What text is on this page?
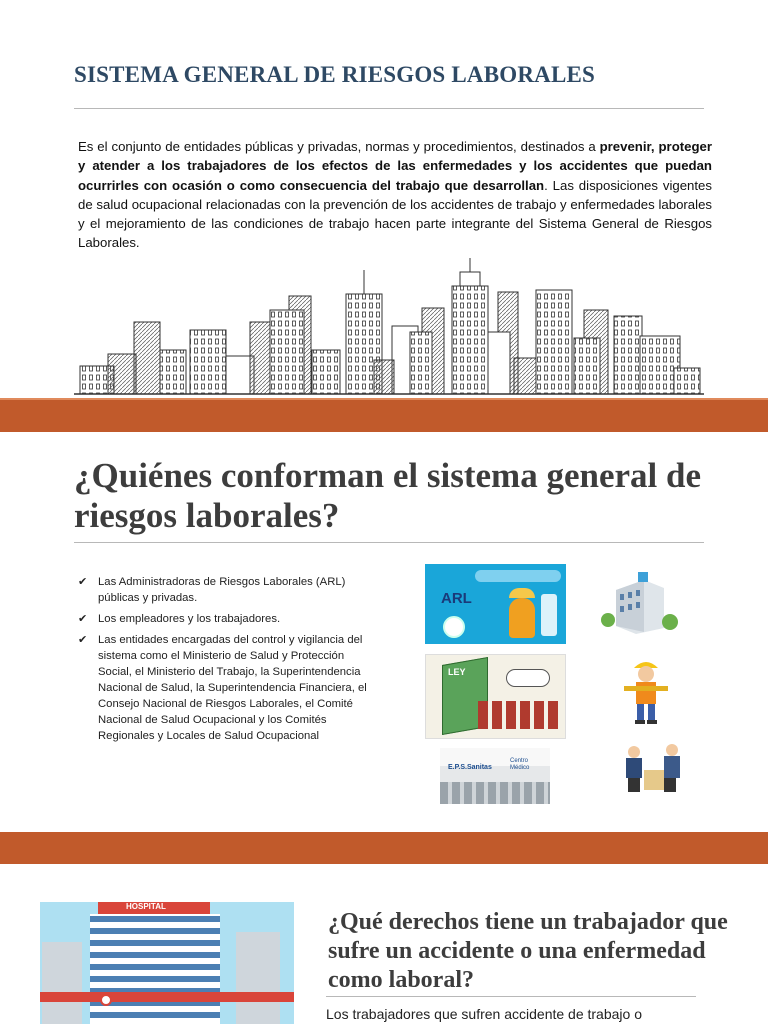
SISTEMA GENERAL DE RIESGOS LABORALES

Es el conjunto de entidades públicas y privadas, normas y procedimientos, destinados a prevenir, proteger y atender a los trabajadores de los efectos de las enfermedades y los accidentes que puedan ocurrirles con ocasión o como consecuencia del trabajo que desarrollan. Las disposiciones vigentes de salud ocupacional relacionadas con la prevención de los accidentes de trabajo y enfermedades laborales y el mejoramiento de las condiciones de trabajo hacen parte integrante del Sistema General de Riesgos Laborales.

¿Quiénes conforman el sistema general de riesgos laborales?
✔ Las Administradoras de Riesgos Laborales (ARL) públicas y privadas.
✔ Los empleadores y los trabajadores.
✔ Las entidades encargadas del control y vigilancia del sistema como el Ministerio de Salud y Protección Social, el Ministerio del Trabajo, la Superintendencia Nacional de Salud, la Superintendencia Financiera, el Consejo Nacional de Riesgos Laborales, el Comité Nacional de Salud Ocupacional y los Comités Regionales y Locales de Salud Ocupacional
ARL
LEY
E.P.S.Sanitas
Centro Médico
HOSPITAL
¿Qué derechos tiene un trabajador que sufre un accidente o una enfermedad como laboral?

Los trabajadores que sufren accidente de trabajo o
